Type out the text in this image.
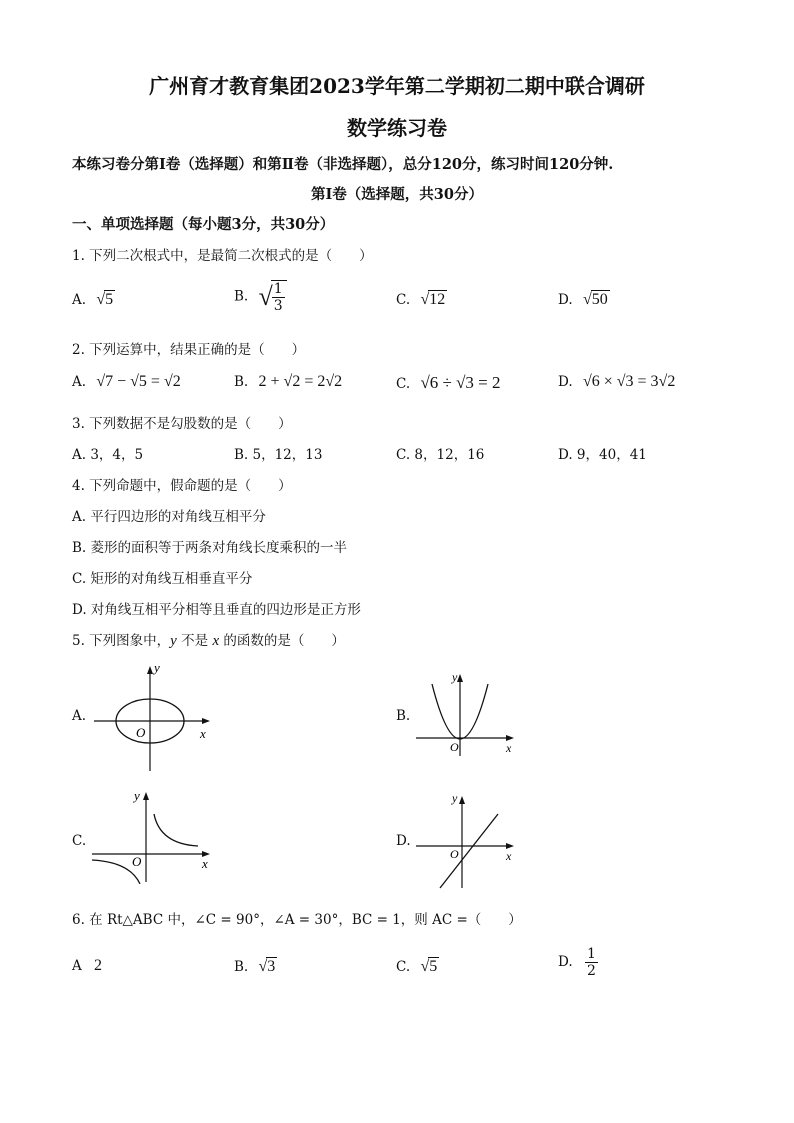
广州育才教育集团2023学年第二学期初二期中联合调研
数学练习卷
本练习卷分第Ⅰ卷（选择题）和第Ⅱ卷（非选择题），总分120分，练习时间120分钟.
第Ⅰ卷（选择题，共30分）
一、单项选择题（每小题3分，共30分）
1. 下列二次根式中，是最简二次根式的是（　　）
A. √5	B. √
$\frac{1}{3}$	C. √12	D. √50
2. 下列运算中，结果正确的是（　　）
A. √7 − √5 = √2	B. 2 + √2 = 2√2	C. √6 ÷ √3 = 2	D. √6 × √3 = 3√2
3. 下列数据不是勾股数的是（　　）
A. 3，4，5	B. 5，12，13	C. 8，12，16	D. 9，40，41
4. 下列命题中，假命题的是（　　）
A. 平行四边形的对角线互相平分
B. 菱形的面积等于两条对角线长度乘积的一半
C. 矩形的对角线互相垂直平分
D. 对角线互相平分相等且垂直的四边形是正方形
5. 下列图象中，y 不是 x 的函数的是（　　）
A.
y
x
O
B.
y
x
O
C.
y
x
O
D.
y
x
O
6. 在 Rt△ABC 中，∠C = 90°，∠A = 30°，BC = 1，则 AC =（　　）
A 2	B. √3	C. √5	D. $\frac{1}{2}$
